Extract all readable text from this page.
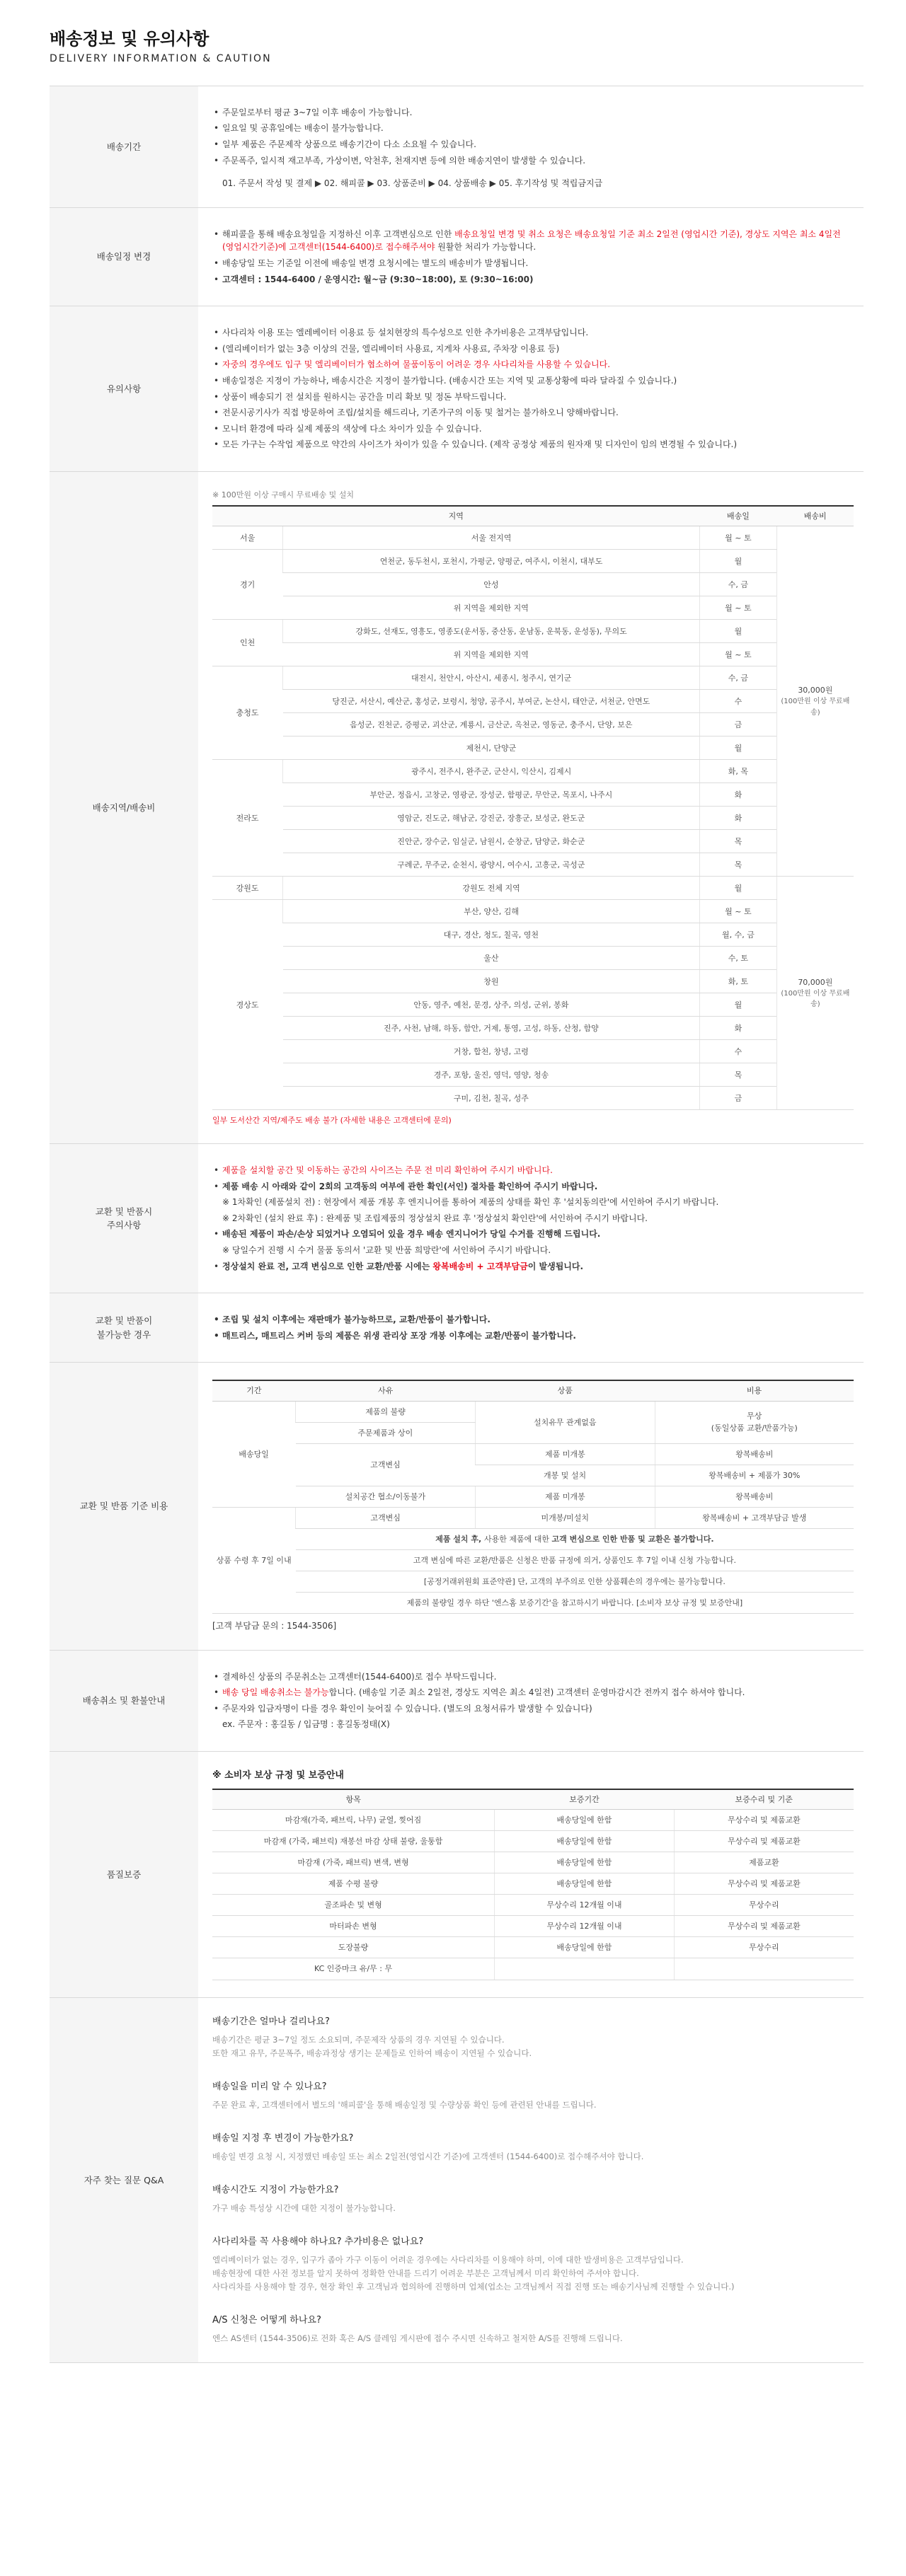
배송정보 및 유의사항
DELIVERY INFORMATION & CAUTION
배송기간
• 주문일로부터 평균 3~7일 이후 배송이 가능합니다.
• 일요일 및 공휴일에는 배송이 불가능합니다.
• 일부 제품은 주문제작 상품으로 배송기간이 다소 소요될 수 있습니다.
• 주문폭주, 일시적 재고부족, 가상이변, 악천후, 천재지변 등에 의한 배송지연이 발생할 수 있습니다.
01. 주문서 작성 및 결제 ▶ 02. 해피콜 ▶ 03. 상품준비 ▶ 04. 상품배송 ▶ 05. 후기작성 및 적립금지급
배송일정 변경
• 해피콜을 통해 배송요청일을 지정하신 이후 고객변심으로 인한 배송요청일 변경 및 취소 요청은 배송요청일 기준 최소 2일전 (영업시간 기준), 경상도 지역은 최소 4일전 (영업시간기준)에 고객센터(1544-6400)로 접수해주셔야 원활한 처리가 가능합니다.
• 배송당일 또는 기준일 이전에 배송일 변경 요청시에는 별도의 배송비가 발생됩니다.
• 고객센터 : 1544-6400 / 운영시간: 월~금 (9:30~18:00), 토 (9:30~16:00)
유의사항
• 사다리차 이용 또는 엘레베이터 이용료 등 설치현장의 특수성으로 인한 추가비용은 고객부담입니다.
• (엘리베이터가 없는 3층 이상의 건물, 엘리베이터 사용료, 지게차 사용료, 주차장 이용료 등)
• 자중의 경우에도 입구 및 엘리베이터가 협소하여 물품이동이 어려운 경우 사다리차를 사용할 수 있습니다.
• 배송일정은 지정이 가능하나, 배송시간은 지정이 불가합니다. (배송시간 또는 지역 및 교통상황에 따라 달라질 수 있습니다.)
• 상품이 배송되기 전 설치를 원하시는 공간을 미리 확보 및 정돈 부탁드립니다.
• 전문시공기사가 직접 방문하여 조립/설치를 해드리나, 기존가구의 이동 및 철거는 불가하오니 양해바랍니다.
• 모니터 환경에 따라 실제 제품의 색상에 다소 차이가 있을 수 있습니다.
• 모든 가구는 수작업 제품으로 약간의 사이즈가 차이가 있을 수 있습니다. (제작 공정상 제품의 원자재 및 디자인이 임의 변경될 수 있습니다.)
배송지역/배송비
※ 100만원 이상 구매시 무료배송 및 설치
지역		배송일	배송비
서울	서울 전지역	월 ~ 토	30,000원
(100만원 이상 무료배송)

경기	연천군, 동두천시, 포천시, 가평군, 양평군, 여주시, 이천시, 대부도	월	
	안성	수, 금	
	위 지역을 제외한 지역	월 ~ 토	
인천	강화도, 선재도, 영흥도, 영종도(운서동, 중산동, 운남동, 운북동, 운성동), 무의도	월	
	위 지역을 제외한 지역	월 ~ 토	
충청도	대전시, 천안시, 아산시, 세종시, 청주시, 연기군	수, 금	
	당진군, 서산시, 예산군, 홍성군, 보령시, 청양, 공주시, 부여군, 논산시, 태안군, 서천군, 안면도	수	
	음성군, 진천군, 증평군, 괴산군, 계룡시, 금산군, 옥천군, 영동군, 충주시, 단양, 보은	금	
	제천시, 단양군	월	
전라도	광주시, 전주시, 완주군, 군산시, 익산시, 김제시	화, 목	
	부안군, 정읍시, 고창군, 영광군, 장성군, 함평군, 무안군, 목포시, 나주시	화	
	영암군, 진도군, 해남군, 강진군, 장흥군, 보성군, 완도군	화	
	진안군, 장수군, 임실군, 남원시, 순창군, 담양군, 화순군	목	
	구례군, 무주군, 순천시, 광양시, 여수시, 고흥군, 곡성군	목	
강원도	강원도 전체 지역	월	70,000원
(100만원 이상 무료배송)

경상도	부산, 양산, 김해	월 ~ 토	
	대구, 경산, 청도, 칠곡, 영천	월, 수, 금	
	울산	수, 토	
	창원	화, 토	
	안동, 영주, 예천, 문경, 상주, 의성, 군위, 봉화	월	
	진주, 사천, 남해, 하동, 함안, 거제, 통영, 고성, 하동, 산청, 함양	화	
	거창, 합천, 창녕, 고령	수	
	경주, 포항, 울진, 영덕, 영양, 청송	목	
	구미, 김천, 칠곡, 성주	금	
일부 도서산간 지역/제주도 배송 불가 (자세한 내용은 고객센터에 문의)
교환 및 반품시
주의사항
• 제품을 설치할 공간 및 이동하는 공간의 사이즈는 주문 전 미리 확인하여 주시기 바랍니다.
• 제품 배송 시 아래와 같이 2회의 고객동의 여부에 관한 확인(서인) 절차를 확인하여 주시기 바랍니다.
※ 1차확인 (제품설치 전) : 현장에서 제품 개봉 후 엔지니어를 통하여 제품의 상태를 확인 후 '설치동의란'에 서인하여 주시기 바랍니다.
※ 2차확인 (설치 완료 후) : 완제품 및 조립제품의 정상설치 완료 후 '정상설치 확인란'에 서인하여 주시기 바랍니다.
• 배송된 제품이 파손/손상 되었거나 오염되어 있을 경우 배송 엔지니어가 당일 수거를 진행해 드립니다.
※ 당일수거 진행 시 수거 물품 동의서 '교환 및 반품 희망란'에 서인하여 주시기 바랍니다.
• 정상설치 완료 전, 고객 변심으로 인한 교환/반품 시에는 왕복배송비 + 고객부담금이 발생됩니다.
교환 및 반품이
불가능한 경우
• 조립 및 설치 이후에는 재판매가 불가능하므로, 교환/반품이 불가합니다.
• 매트리스, 매트리스 커버 등의 제품은 위생 관리상 포장 개봉 이후에는 교환/반품이 불가합니다.
교환 및 반품 기준 비용
기간	사유	상품	비용
배송당일	제품의 불량	설치유무 관계없음	무상
(동일상품 교환/반품가능)

	주문제품과 상이		
	고객변심	제품 미개봉	왕복배송비
		개봉 및 설치	왕복배송비 + 제품가 30%
	설치공간 협소/이동불가	제품 미개봉	왕복배송비
상품 수령 후 7일 이내	고객변심	미개봉/미설치	왕복배송비 + 고객부담금 발생
	제품 설치 후, 사용한 제품에 대한 고객 변심으로 인한 반품 및 교환은 불가합니다.		
	고객 변심에 따른 교환/반품은 신청은 반품 규정에 의거, 상품인도 후 7일 이내 신청 가능합니다.		
	[공정거래위원회 표준약관] 단, 고객의 부주의로 인한 상품훼손의 경우에는 불가능합니다.		
	제품의 불량일 경우 하단 '엔스홈 보증기간'을 참고하시기 바랍니다. [소비자 보상 규정 및 보증안내]		
[고객 부담금 문의 : 1544-3506]
배송취소 및 환불안내
• 결제하신 상품의 주문취소는 고객센터(1544-6400)로 접수 부탁드립니다.
• 배송 당일 배송취소는 불가능합니다. (배송일 기준 최소 2일전, 경상도 지역은 최소 4일전) 고객센터 운영마감시간 전까지 접수 하셔야 합니다.
• 주문자와 입금자명이 다를 경우 확인이 늦어질 수 있습니다. (별도의 요청서류가 발생할 수 있습니다)
ex. 주문자 : 홍길동 / 입금명 : 홍길동정태(X)
품질보증
※ 소비자 보상 규정 및 보증안내
항목	보증기간	보증수리 및 기준
마감재(가죽, 패브릭, 나무) 균열, 찢어짐	배송당일에 한함	무상수리 및 제품교환
마감재 (가죽, 패브릭) 재봉선 마감 상태 불량, 울퉁함	배송당일에 한함	무상수리 및 제품교환
마감재 (가죽, 패브릭) 변색, 변형	배송당일에 한함	제품교환
제품 수평 불량	배송당일에 한함	무상수리 및 제품교환
골조파손 및 변형	무상수리 12개월 이내	무상수리
마터파손 변형	무상수리 12개월 이내	무상수리 및 제품교환
도장불량	배송당일에 한함	무상수리
KC 인증마크 유/무 : 무		
자주 찾는 질문 Q&A
배송기간은 얼마나 걸리나요?
배송기간은 평균 3~7일 정도 소요되며, 주문제작 상품의 경우 지연될 수 있습니다.
또한 재고 유무, 주문폭주, 배송과정상 생기는 문제들로 인하여 배송이 지연될 수 있습니다.
배송일을 미리 알 수 있나요?
주문 완료 후, 고객센터에서 별도의 '해피콜'을 통해 배송일정 및 수량상품 확인 등에 관련된 안내를 드립니다.
배송일 지정 후 변경이 가능한가요?
배송일 변경 요청 시, 지정했던 배송일 또는 최소 2일전(영업시간 기준)에 고객센터 (1544-6400)로 접수해주셔야 합니다.
배송시간도 지정이 가능한가요?
가구 배송 특성상 시간에 대한 지정이 불가능합니다.
사다리차를 꼭 사용해야 하나요? 추가비용은 없나요?
엘리베이터가 없는 경우, 입구가 좁아 가구 이동이 어려운 경우에는 사다리차를 이용해야 하며, 이에 대한 발생비용은 고객부담입니다.
배송현장에 대한 사전 정보를 알지 못하여 정확한 안내를 드리기 어려운 부분은 고객님께서 미리 확인하여 주셔야 합니다.
사다리차를 사용해야 할 경우, 현장 확인 후 고객님과 협의하에 진행하며 업체(업소는 고객님께서 직접 진행 또는 배송기사님께 진행할 수 있습니다.)
A/S 신청은 어떻게 하나요?
엔스 AS센터 (1544-3506)로 전화 혹은 A/S 클레임 게시판에 접수 주시면 신속하고 철저한 A/S를 진행해 드립니다.
